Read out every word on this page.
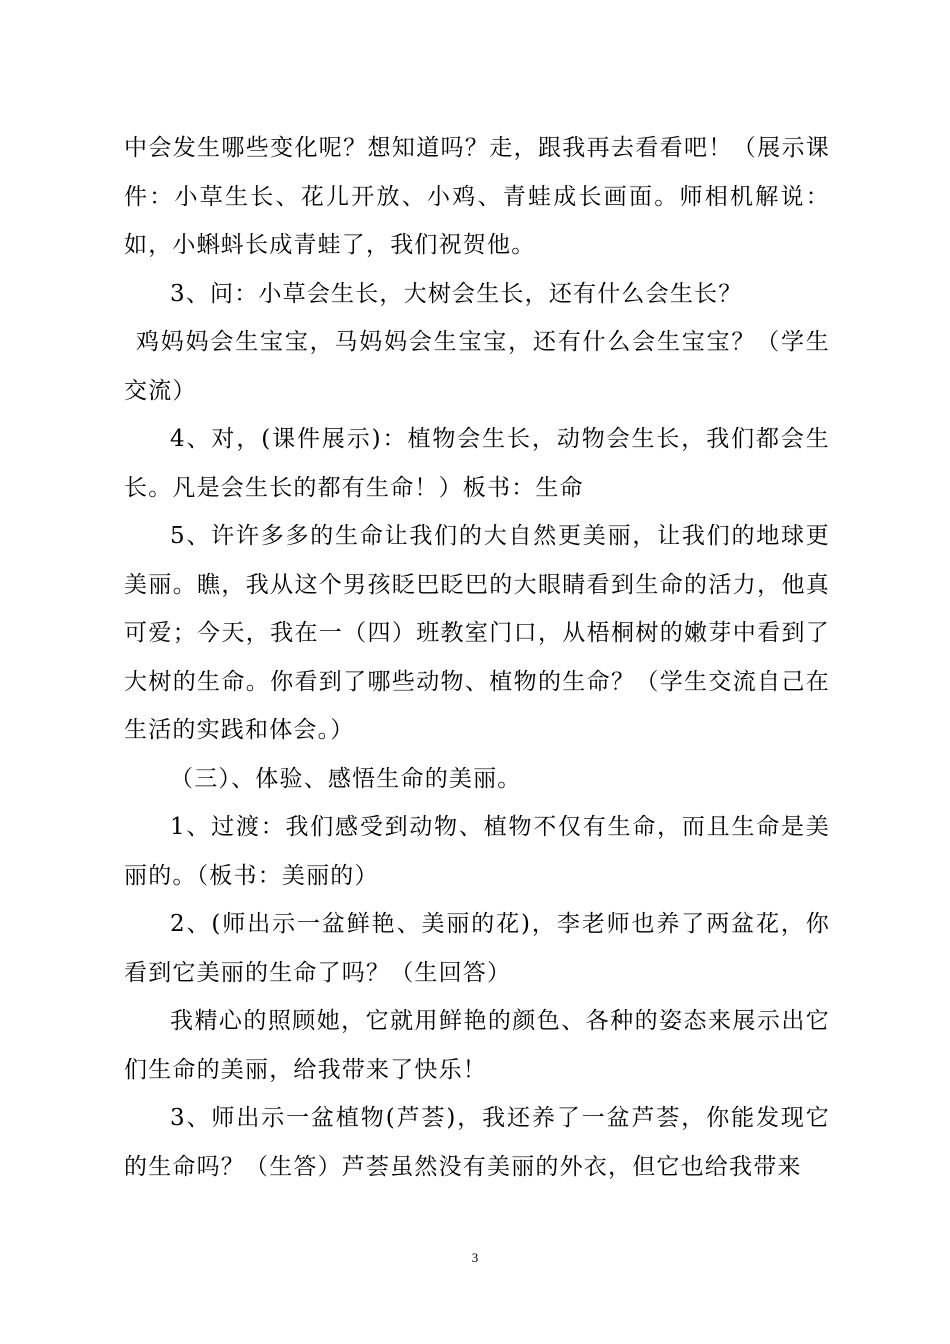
中会发生哪些变化呢？想知道吗？走，跟我再去看看吧！（展示课件：小草生长、花儿开放、小鸡、青蛙成长画面。师相机解说：如，小蝌蚪长成青蛙了，我们祝贺他。

3、问：小草会生长，大树会生长，还有什么会生长？

鸡妈妈会生宝宝，马妈妈会生宝宝，还有什么会生宝宝？（学生交流）

4、对，(课件展示)：植物会生长，动物会生长，我们都会生长。凡是会生长的都有生命！）板书：生命

5、许许多多的生命让我们的大自然更美丽，让我们的地球更美丽。瞧，我从这个男孩眨巴眨巴的大眼睛看到生命的活力，他真可爱；今天，我在一（四）班教室门口，从梧桐树的嫩芽中看到了大树的生命。你看到了哪些动物、植物的生命？（学生交流自己在生活的实践和体会。）

（三）、体验、感悟生命的美丽。

1、过渡：我们感受到动物、植物不仅有生命，而且生命是美丽的。（板书：美丽的）

2、(师出示一盆鲜艳、美丽的花)，李老师也养了两盆花，你看到它美丽的生命了吗？（生回答）

我精心的照顾她，它就用鲜艳的颜色、各种的姿态来展示出它们生命的美丽，给我带来了快乐！

3、师出示一盆植物(芦荟)，我还养了一盆芦荟，你能发现它的生命吗？（生答）芦荟虽然没有美丽的外衣，但它也给我带来

3
